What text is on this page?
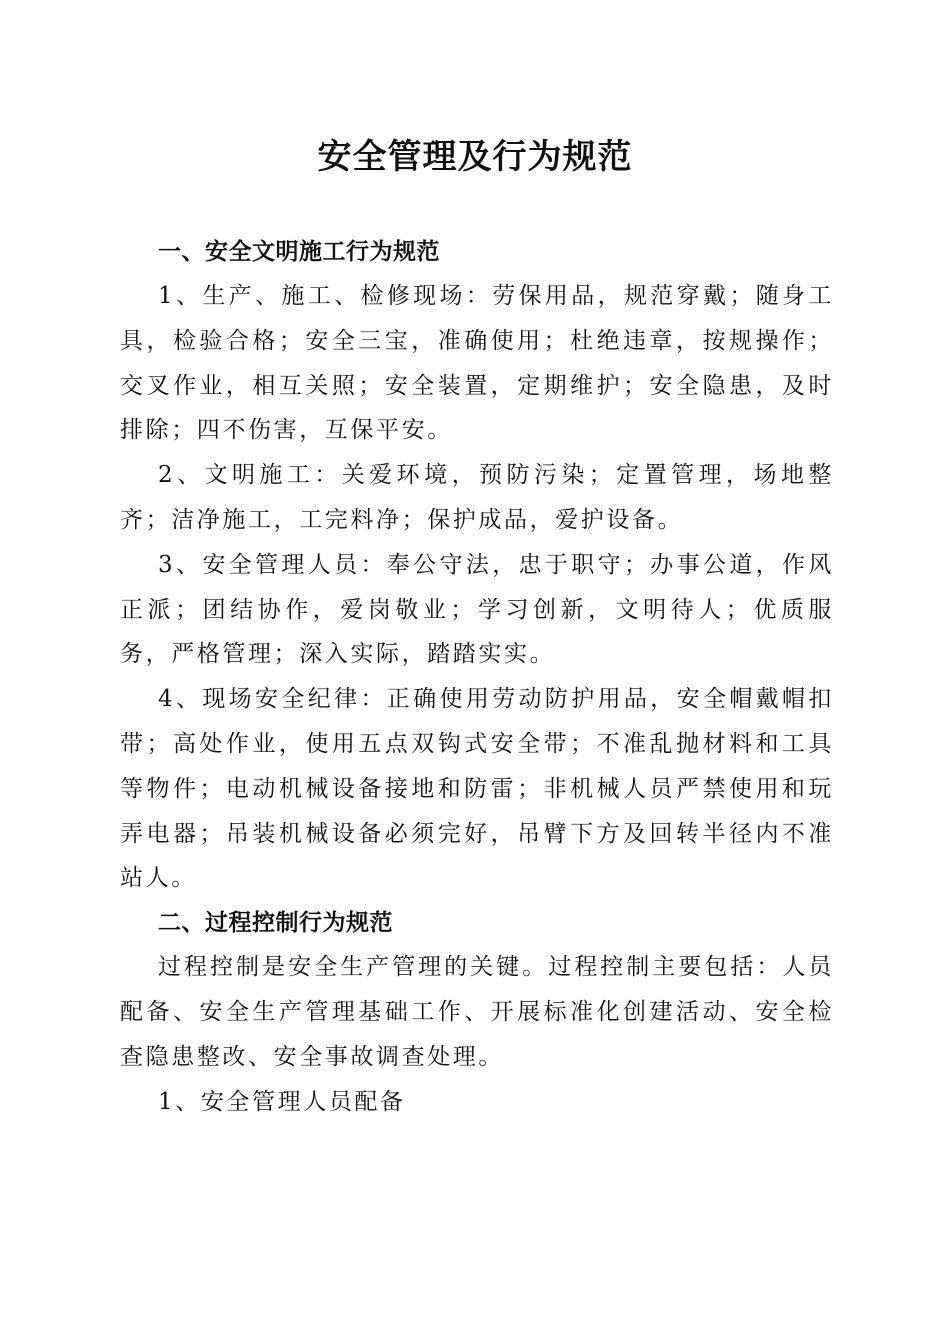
安全管理及行为规范
一、安全文明施工行为规范

1、生产、施工、检修现场：劳保用品，规范穿戴；随身工具，检验合格；安全三宝，准确使用；杜绝违章，按规操作；交叉作业，相互关照；安全装置，定期维护；安全隐患，及时排除；四不伤害，互保平安。

2、文明施工：关爱环境，预防污染；定置管理，场地整齐；洁净施工，工完料净；保护成品，爱护设备。

3、安全管理人员：奉公守法，忠于职守；办事公道，作风正派；团结协作，爱岗敬业；学习创新，文明待人；优质服务，严格管理；深入实际，踏踏实实。

4、现场安全纪律：正确使用劳动防护用品，安全帽戴帽扣带；高处作业，使用五点双钩式安全带；不准乱抛材料和工具等物件；电动机械设备接地和防雷；非机械人员严禁使用和玩弄电器；吊装机械设备必须完好，吊臂下方及回转半径内不准站人。

二、过程控制行为规范

过程控制是安全生产管理的关键。过程控制主要包括：人员配备、安全生产管理基础工作、开展标准化创建活动、安全检查隐患整改、安全事故调查处理。

1、安全管理人员配备
